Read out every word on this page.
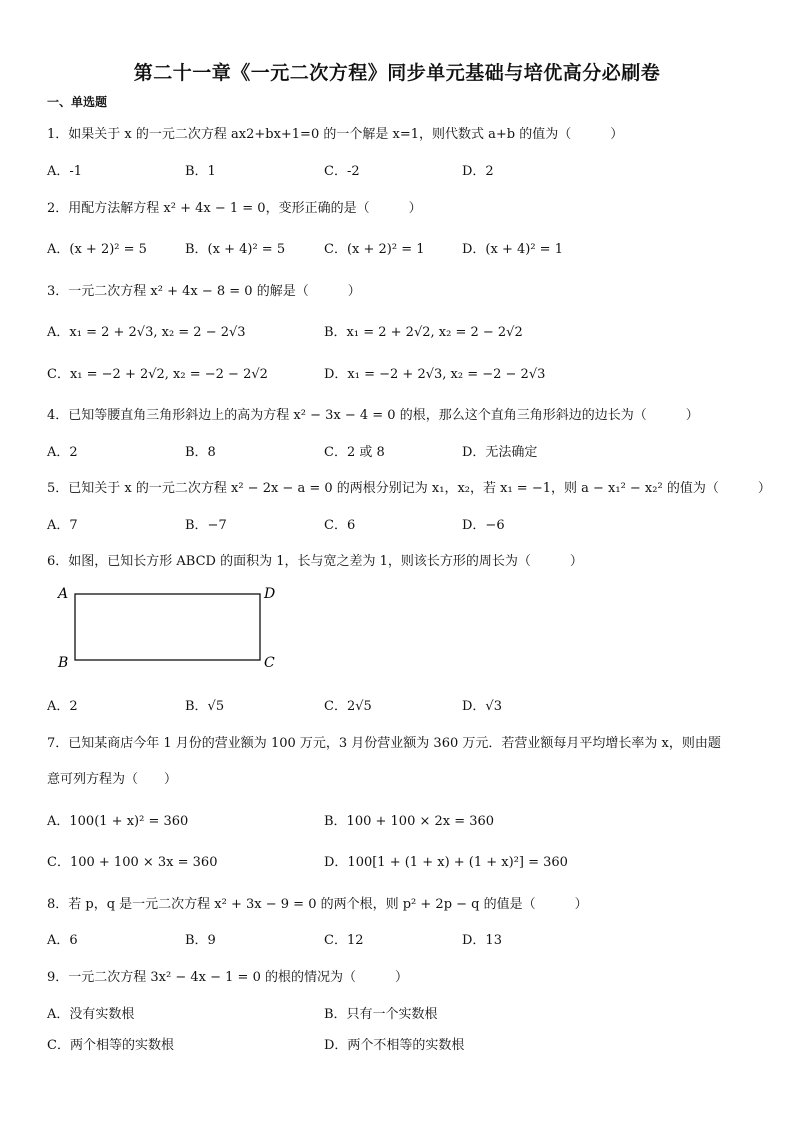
第二十一章《一元二次方程》同步单元基础与培优高分必刷卷
一、单选题
1．如果关于 x 的一元二次方程 ax2+bx+1=0 的一个解是 x=1，则代数式 a+b 的值为（　　　）
A．-1	B．1	C．-2	D．2
2．用配方法解方程 x² + 4x − 1 = 0，变形正确的是（　　　）
A．(x + 2)² = 5	B．(x + 4)² = 5	C．(x + 2)² = 1	D．(x + 4)² = 1
3．一元二次方程 x² + 4x − 8 = 0 的解是（　　　）
A．x₁ = 2 + 2√3, x₂ = 2 − 2√3	B．x₁ = 2 + 2√2, x₂ = 2 − 2√2
C．x₁ = −2 + 2√2, x₂ = −2 − 2√2	D．x₁ = −2 + 2√3, x₂ = −2 − 2√3
4．已知等腰直角三角形斜边上的高为方程 x² − 3x − 4 = 0 的根，那么这个直角三角形斜边的边长为（　　　）
A．2	B．8	C．2 或 8	D．无法确定
5．已知关于 x 的一元二次方程 x² − 2x − a = 0 的两根分别记为 x₁，x₂，若 x₁ = −1，则 a − x₁² − x₂² 的值为（　　　）
A．7	B．−7	C．6	D．−6
6．如图，已知长方形 ABCD 的面积为 1，长与宽之差为 1，则该长方形的周长为（　　　）
A	D
B	C
A．2	B．√5	C．2√5	D．√3
7．已知某商店今年 1 月份的营业额为 100 万元，3 月份营业额为 360 万元．若营业额每月平均增长率为 x，则由题
意可列方程为（　　）
A．100(1 + x)² = 360	B．100 + 100 × 2x = 360
C．100 + 100 × 3x = 360	D．100[1 + (1 + x) + (1 + x)²] = 360
8．若 p，q 是一元二次方程 x² + 3x − 9 = 0 的两个根，则 p² + 2p − q 的值是（　　　）
A．6	B．9	C．12	D．13
9．一元二次方程 3x² − 4x − 1 = 0 的根的情况为（　　　）
A．没有实数根	B．只有一个实数根
C．两个相等的实数根	D．两个不相等的实数根
